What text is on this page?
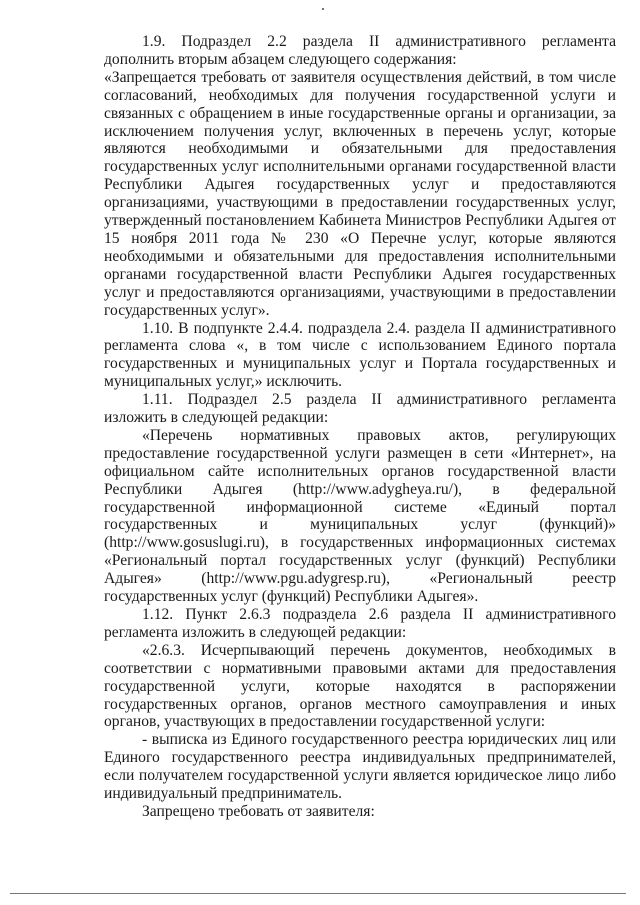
1.9. Подраздел 2.2 раздела II административного регламента дополнить вторым абзацем следующего содержания:

«Запрещается требовать от заявителя осуществления действий, в том числе согласований, необходимых для получения государственной услуги и связанных с обращением в иные государственные органы и организации, за исключением получения услуг, включенных в перечень услуг, которые являются необходимыми и обязательными для предоставления государственных услуг исполнительными органами государственной власти Республики Адыгея государственных услуг и предоставляются организациями, участвующими в предоставлении государственных услуг, утвержденный постановлением Кабинета Министров Республики Адыгея от 15 ноября 2011 года № 230 «О Перечне услуг, которые являются необходимыми и обязательными для предоставления исполнительными органами государственной власти Республики Адыгея государственных услуг и предоставляются организациями, участвующими в предоставлении государственных услуг».

1.10. В подпункте 2.4.4. подраздела 2.4. раздела II административного регламента слова «, в том числе с использованием Единого портала государственных и муниципальных услуг и Портала государственных и муниципальных услуг,» исключить.

1.11. Подраздел 2.5 раздела II административного регламента изложить в следующей редакции:

«Перечень нормативных правовых актов, регулирующих предоставление государственной услуги размещен в сети «Интернет», на официальном сайте исполнительных органов государственной власти Республики Адыгея (http://www.adygheya.ru/), в федеральной государственной информационной системе «Единый портал государственных и муниципальных услуг (функций)» (http://www.gosuslugi.ru), в государственных информационных системах «Региональный портал государственных услуг (функций) Республики Адыгея» (http://www.pgu.adygresp.ru), «Региональный реестр государственных услуг (функций) Республики Адыгея».

1.12. Пункт 2.6.3 подраздела 2.6 раздела II административного регламента изложить в следующей редакции:

«2.6.3. Исчерпывающий перечень документов, необходимых в соответствии с нормативными правовыми актами для предоставления государственной услуги, которые находятся в распоряжении государственных органов, органов местного самоуправления и иных органов, участвующих в предоставлении государственной услуги:

- выписка из Единого государственного реестра юридических лиц или Единого государственного реестра индивидуальных предпринимателей, если получателем государственной услуги является юридическое лицо либо индивидуальный предприниматель.

Запрещено требовать от заявителя:
